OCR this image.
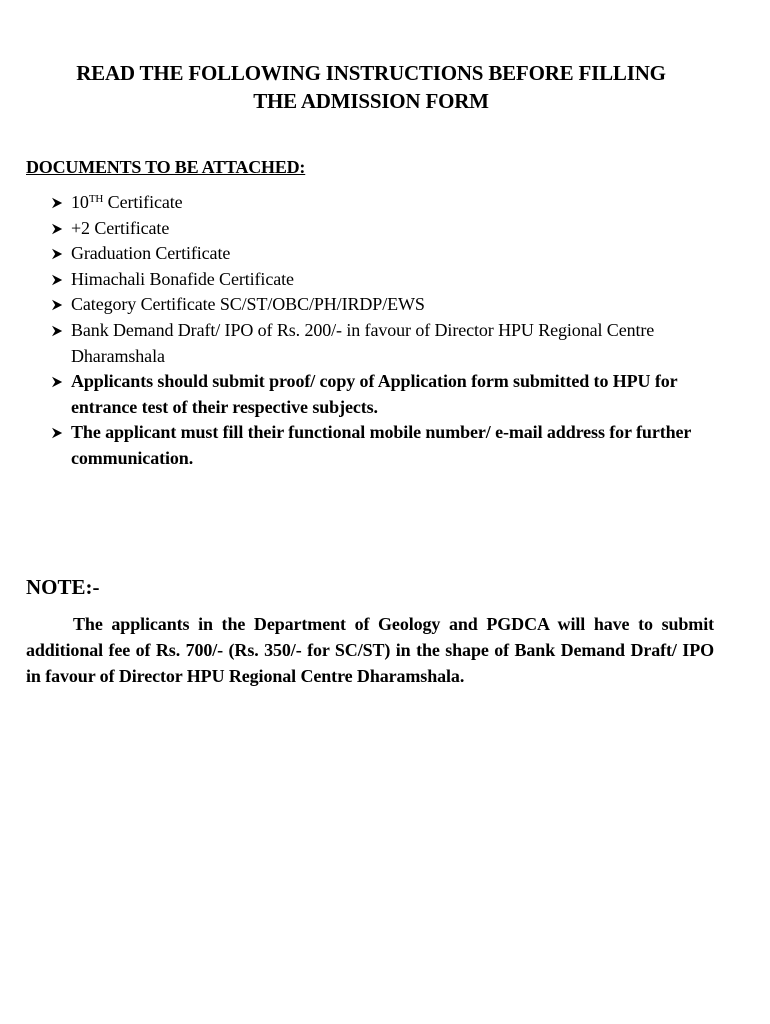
READ THE FOLLOWING INSTRUCTIONS BEFORE FILLING
THE ADMISSION FORM
DOCUMENTS TO BE ATTACHED:
10TH Certificate
+2 Certificate
Graduation Certificate
Himachali Bonafide Certificate
Category Certificate SC/ST/OBC/PH/IRDP/EWS
Bank Demand Draft/ IPO of Rs. 200/- in favour of Director HPU Regional Centre Dharamshala
Applicants should submit proof/ copy of Application form submitted to HPU for entrance test of their respective subjects.
The applicant must fill their functional mobile number/ e-mail address for further communication.
NOTE:-

The applicants in the Department of Geology and PGDCA will have to submit additional fee of Rs. 700/- (Rs. 350/- for SC/ST) in the shape of Bank Demand Draft/ IPO in favour of Director HPU Regional Centre Dharamshala.
